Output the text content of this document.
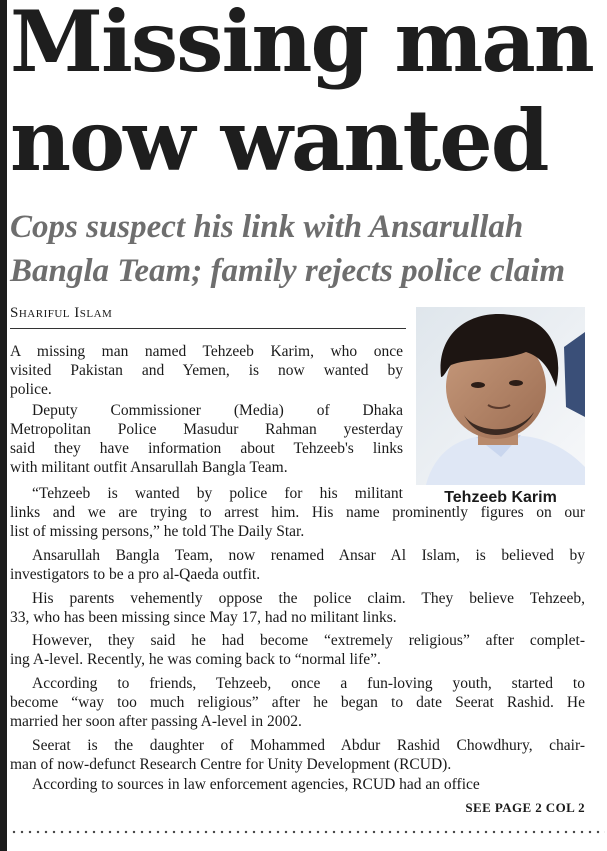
Missing man
now wanted
Cops suspect his link with Ansarullah
Bangla Team; family rejects police claim
Shariful Islam
Tehzeeb Karim
A missing man named Tehzeeb Karim, who once
visited Pakistan and Yemen, is now wanted by
police.
Deputy Commissioner (Media) of Dhaka
Metropolitan Police Masudur Rahman yesterday
said they have information about Tehzeeb's links
with militant outfit Ansarullah Bangla Team.
“Tehzeeb is wanted by police for his militant
links and we are trying to arrest him. His name prominently figures on our
list of missing persons,” he told The Daily Star.
Ansarullah Bangla Team, now renamed Ansar Al Islam, is believed by
investigators to be a pro al-Qaeda outfit.
His parents vehemently oppose the police claim. They believe Tehzeeb,
33, who has been missing since May 17, had no militant links.
However, they said he had become “extremely religious” after complet-
ing A-level. Recently, he was coming back to “normal life”.
According to friends, Tehzeeb, once a fun-loving youth, started to
become “way too much religious” after he began to date Seerat Rashid. He
married her soon after passing A-level in 2002.
Seerat is the daughter of Mohammed Abdur Rashid Chowdhury, chair-
man of now-defunct Research Centre for Unity Development (RCUD).
According to sources in law enforcement agencies, RCUD had an office
SEE PAGE 2 COL 2
